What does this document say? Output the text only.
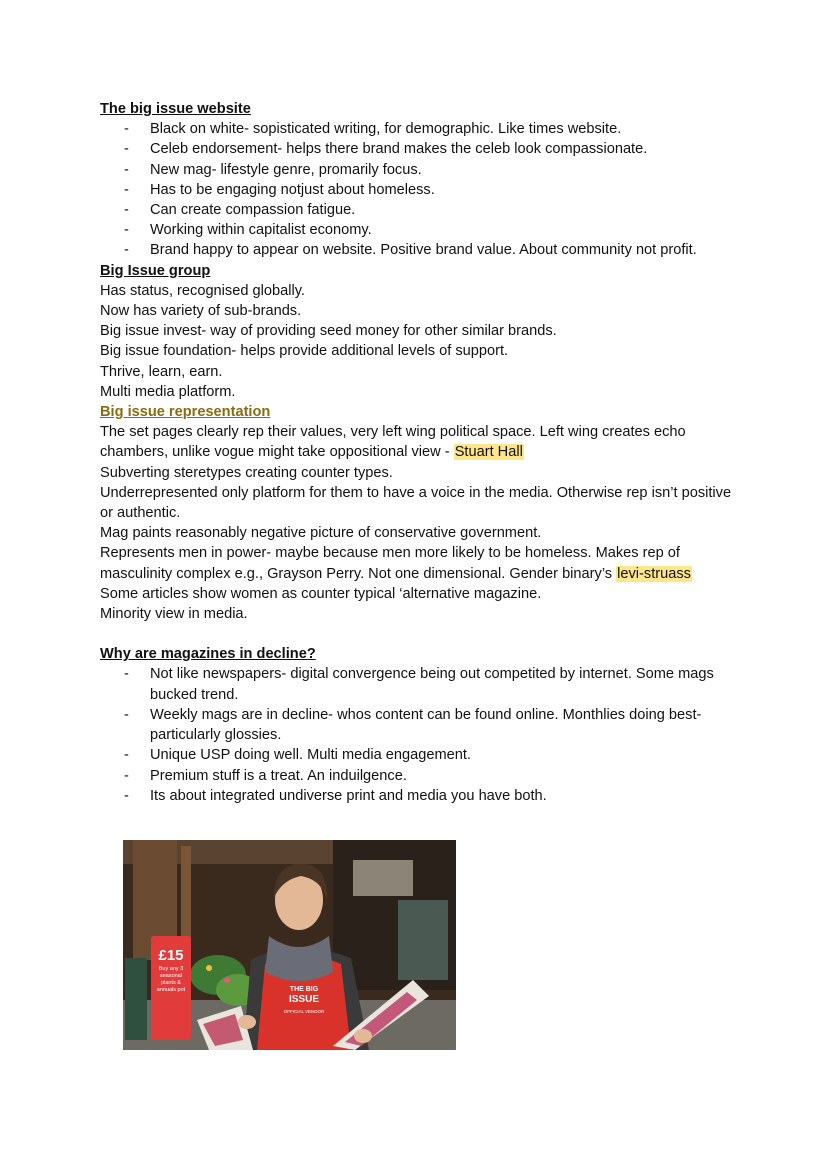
The big issue website

- Black on white- sopisticated writing, for demographic. Like times website.
- Celeb endorsement- helps there brand makes the celeb look compassionate.
- New mag- lifestyle genre, promarily focus.
- Has to be engaging notjust about homeless.
- Can create compassion fatigue.
- Working within capitalist economy.
- Brand happy to appear on website. Positive brand value. About community not profit.

Big Issue group

Has status, recognised globally.

Now has variety of sub-brands.

Big issue invest- way of providing seed money for other similar brands.

Big issue foundation- helps provide additional levels of support.

Thrive, learn, earn.

Multi media platform.

Big issue representation

The set pages clearly rep their values, very left wing political space. Left wing creates echo chambers, unlike vogue might take oppositional view - Stuart Hall

Subverting steretypes creating counter types.

Underrepresented only platform for them to have a voice in the media. Otherwise rep isn’t positive or authentic.

Mag paints reasonably negative picture of conservative government.

Represents men in power- maybe because men more likely to be homeless. Makes rep of masculinity complex e.g., Grayson Perry. Not one dimensional. Gender binary’s levi-struass

Some articles show women as counter typical ‘alternative magazine.

Minority view in media.

Why are magazines in decline?

- Not like newspapers- digital convergence being out competited by internet. Some mags bucked trend.
- Weekly mags are in decline- whos content can be found online. Monthlies doing best- particularly glossies.
- Unique USP doing well. Multi media engagement.
- Premium stuff is a treat. An induilgence.
- Its about integrated undiverse print and media you have both.
£15
Buy any 3 seasonal plants & annuals pot	THE BIG
ISSUE
OFFICIAL VENDOR
